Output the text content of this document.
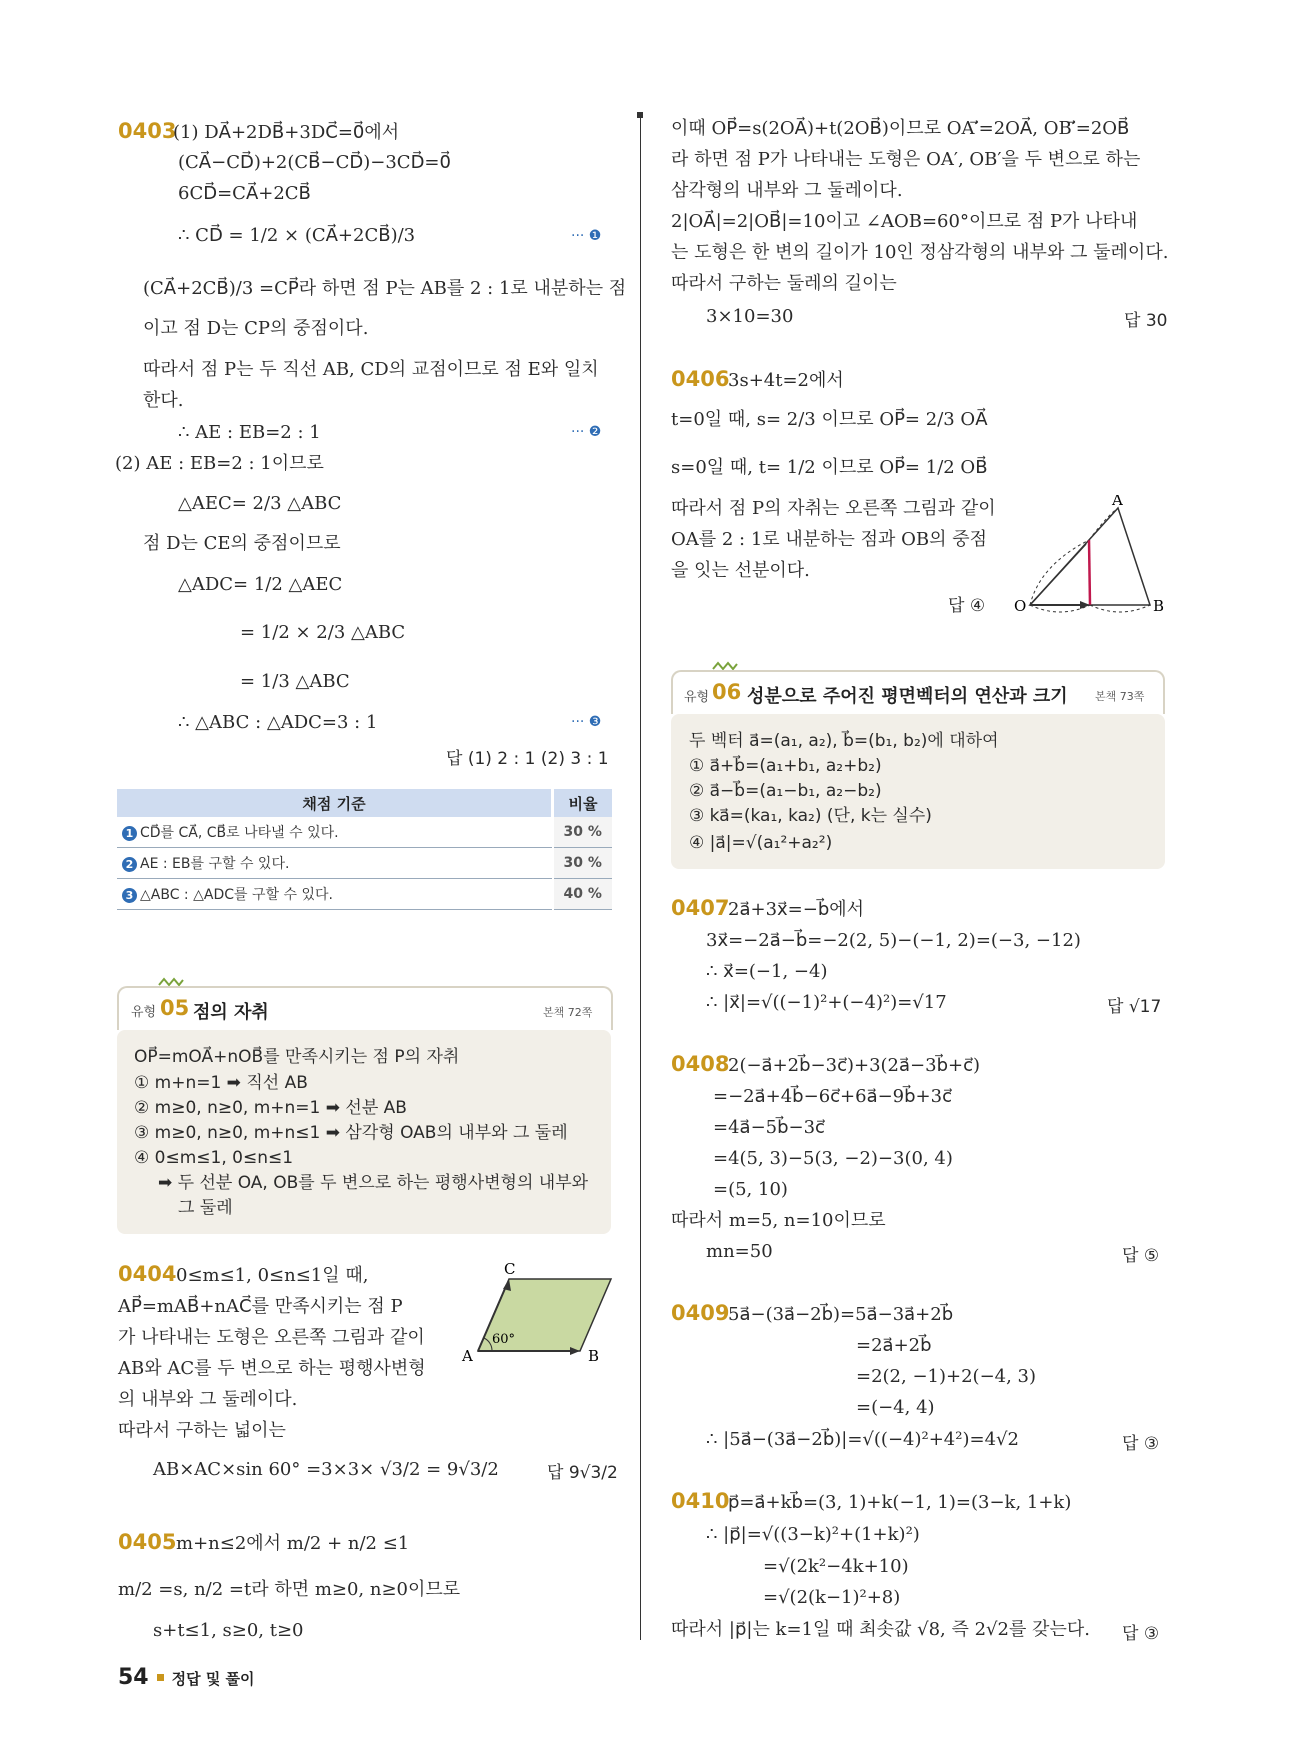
0403
(1) DA⃗+2DB⃗+3DC⃗=0⃗에서
(CA⃗−CD⃗)+2(CB⃗−CD⃗)−3CD⃗=0⃗
6CD⃗=CA⃗+2CB⃗
∴ CD⃗ = 1/2 × (CA⃗+2CB⃗)/3	··· ❶
(CA⃗+2CB⃗)/3 =CP⃗라 하면 점 P는 AB를 2 : 1로 내분하는 점
이고 점 D는 CP의 중점이다.
따라서 점 P는 두 직선 AB, CD의 교점이므로 점 E와 일치
한다.
∴ AE : EB=2 : 1	··· ❷
(2) AE : EB=2 : 1이므로
△AEC= 2/3 △ABC
점 D는 CE의 중점이므로
△ADC= 1/2 △AEC
= 1/2 × 2/3 △ABC
= 1/3 △ABC
∴ △ABC : △ADC=3 : 1	··· ❸
답 (1) 2 : 1 (2) 3 : 1
채점 기준	비율
1 CD⃗를 CA⃗, CB⃗로 나타낼 수 있다.	30 %
2 AE : EB를 구할 수 있다.	30 %
3 △ABC : △ADC를 구할 수 있다.	40 %
유형 05 점의 자취	본책 72쪽
OP⃗=mOA⃗+nOB⃗를 만족시키는 점 P의 자취
① m+n=1 ➡ 직선 AB
② m≥0, n≥0, m+n=1 ➡ 선분 AB
③ m≥0, n≥0, m+n≤1 ➡ 삼각형 OAB의 내부와 그 둘레
④ 0≤m≤1, 0≤n≤1
➡ 두 선분 OA, OB를 두 변으로 하는 평행사변형의 내부와
그 둘레
0404 0≤m≤1, 0≤n≤1일 때,
AP⃗=mAB⃗+nAC⃗를 만족시키는 점 P
가 나타내는 도형은 오른쪽 그림과 같이
AB와 AC를 두 변으로 하는 평행사변형
의 내부와 그 둘레이다.
따라서 구하는 넓이는
AB×AC×sin 60° =3×3× √3/2 = 9√3/2	답 9√3/2
A	B
C
60°
0405 m+n≤2에서 m/2 + n/2 ≤1
m/2 =s, n/2 =t라 하면 m≥0, n≥0이므로
s+t≤1, s≥0, t≥0
이때 OP⃗=s(2OA⃗)+t(2OB⃗)이므로 OA′⃗=2OA⃗, OB′⃗=2OB⃗
라 하면 점 P가 나타내는 도형은 OA′, OB′을 두 변으로 하는
삼각형의 내부와 그 둘레이다.
2|OA⃗|=2|OB⃗|=10이고 ∠AOB=60°이므로 점 P가 나타내
는 도형은 한 변의 길이가 10인 정삼각형의 내부와 그 둘레이다.
따라서 구하는 둘레의 길이는
3×10=30	답 30
0406
3s+4t=2에서
t=0일 때, s= 2/3 이므로 OP⃗= 2/3 OA⃗
s=0일 때, t= 1/2 이므로 OP⃗= 1/2 OB⃗
따라서 점 P의 자취는 오른쪽 그림과 같이
OA를 2 : 1로 내분하는 점과 OB의 중점
을 잇는 선분이다.
답 ④ O
A
B
유형 06 성분으로 주어진 평면벡터의 연산과 크기 본책 73쪽
두 벡터 a⃗=(a₁, a₂), b⃗=(b₁, b₂)에 대하여
① a⃗+b⃗=(a₁+b₁, a₂+b₂)
② a⃗−b⃗=(a₁−b₁, a₂−b₂)
③ ka⃗=(ka₁, ka₂) (단, k는 실수)
④ |a⃗|=√(a₁²+a₂²)
0407
2a⃗+3x⃗=−b⃗에서
3x⃗=−2a⃗−b⃗=−2(2, 5)−(−1, 2)=(−3, −12)
∴ x⃗=(−1, −4)
∴ |x⃗|=√((−1)²+(−4)²)=√17	답 √17
0408
2(−a⃗+2b⃗−3c⃗)+3(2a⃗−3b⃗+c⃗)
=−2a⃗+4b⃗−6c⃗+6a⃗−9b⃗+3c⃗
=4a⃗−5b⃗−3c⃗
=4(5, 3)−5(3, −2)−3(0, 4)
=(5, 10)
따라서 m=5, n=10이므로
mn=50	답 ⑤
0409
5a⃗−(3a⃗−2b⃗)=5a⃗−3a⃗+2b⃗
=2a⃗+2b⃗
=2(2, −1)+2(−4, 3)
=(−4, 4)
∴ |5a⃗−(3a⃗−2b⃗)|=√((−4)²+4²)=4√2	답 ③
0410
p⃗=a⃗+kb⃗=(3, 1)+k(−1, 1)=(3−k, 1+k)
∴ |p⃗|=√((3−k)²+(1+k)²)
=√(2k²−4k+10)
=√(2(k−1)²+8)
따라서 |p⃗|는 k=1일 때 최솟값 √8, 즉 2√2를 갖는다. 답 ③
54 정답 및 풀이
